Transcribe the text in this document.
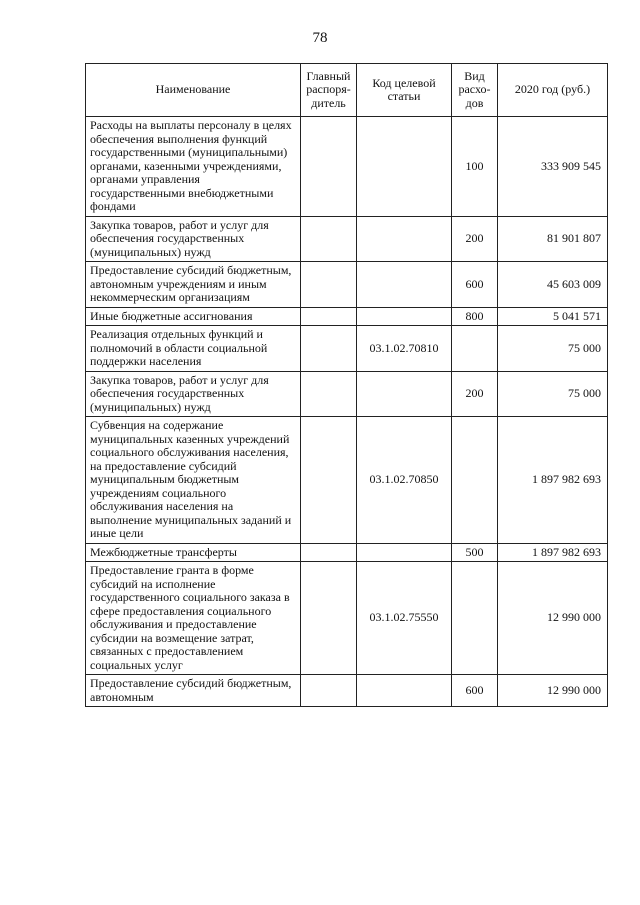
78
Наименование	Главный распоря-дитель	Код целевой статьи	Вид расхо-дов	2020 год (руб.)
Расходы на выплаты персоналу в целях обеспечения выполнения функций государственными (муниципальными) органами, казенными учреждениями, органами управления государственными внебюджетными фондами			100	333 909 545
Закупка товаров, работ и услуг для обеспечения государственных (муниципальных) нужд			200	81 901 807
Предоставление субсидий бюджетным, автономным учреждениям и иным некоммерческим организациям			600	45 603 009
Иные бюджетные ассигнования			800	5 041 571
Реализация отдельных функций и полномочий в области социальной поддержки населения		03.1.02.70810		75 000
Закупка товаров, работ и услуг для обеспечения государственных (муниципальных) нужд			200	75 000
Субвенция на содержание муниципальных казенных учреждений социального обслуживания населения, на предоставление субсидий муниципальным бюджетным учреждениям социального обслуживания населения на выполнение муниципальных заданий и иные цели		03.1.02.70850		1 897 982 693
Межбюджетные трансферты			500	1 897 982 693
Предоставление гранта в форме субсидий на исполнение государственного социального заказа в сфере предоставления социального обслуживания и предоставление субсидии на возмещение затрат, связанных с предоставлением социальных услуг		03.1.02.75550		12 990 000
Предоставление субсидий бюджетным, автономным			600	12 990 000
